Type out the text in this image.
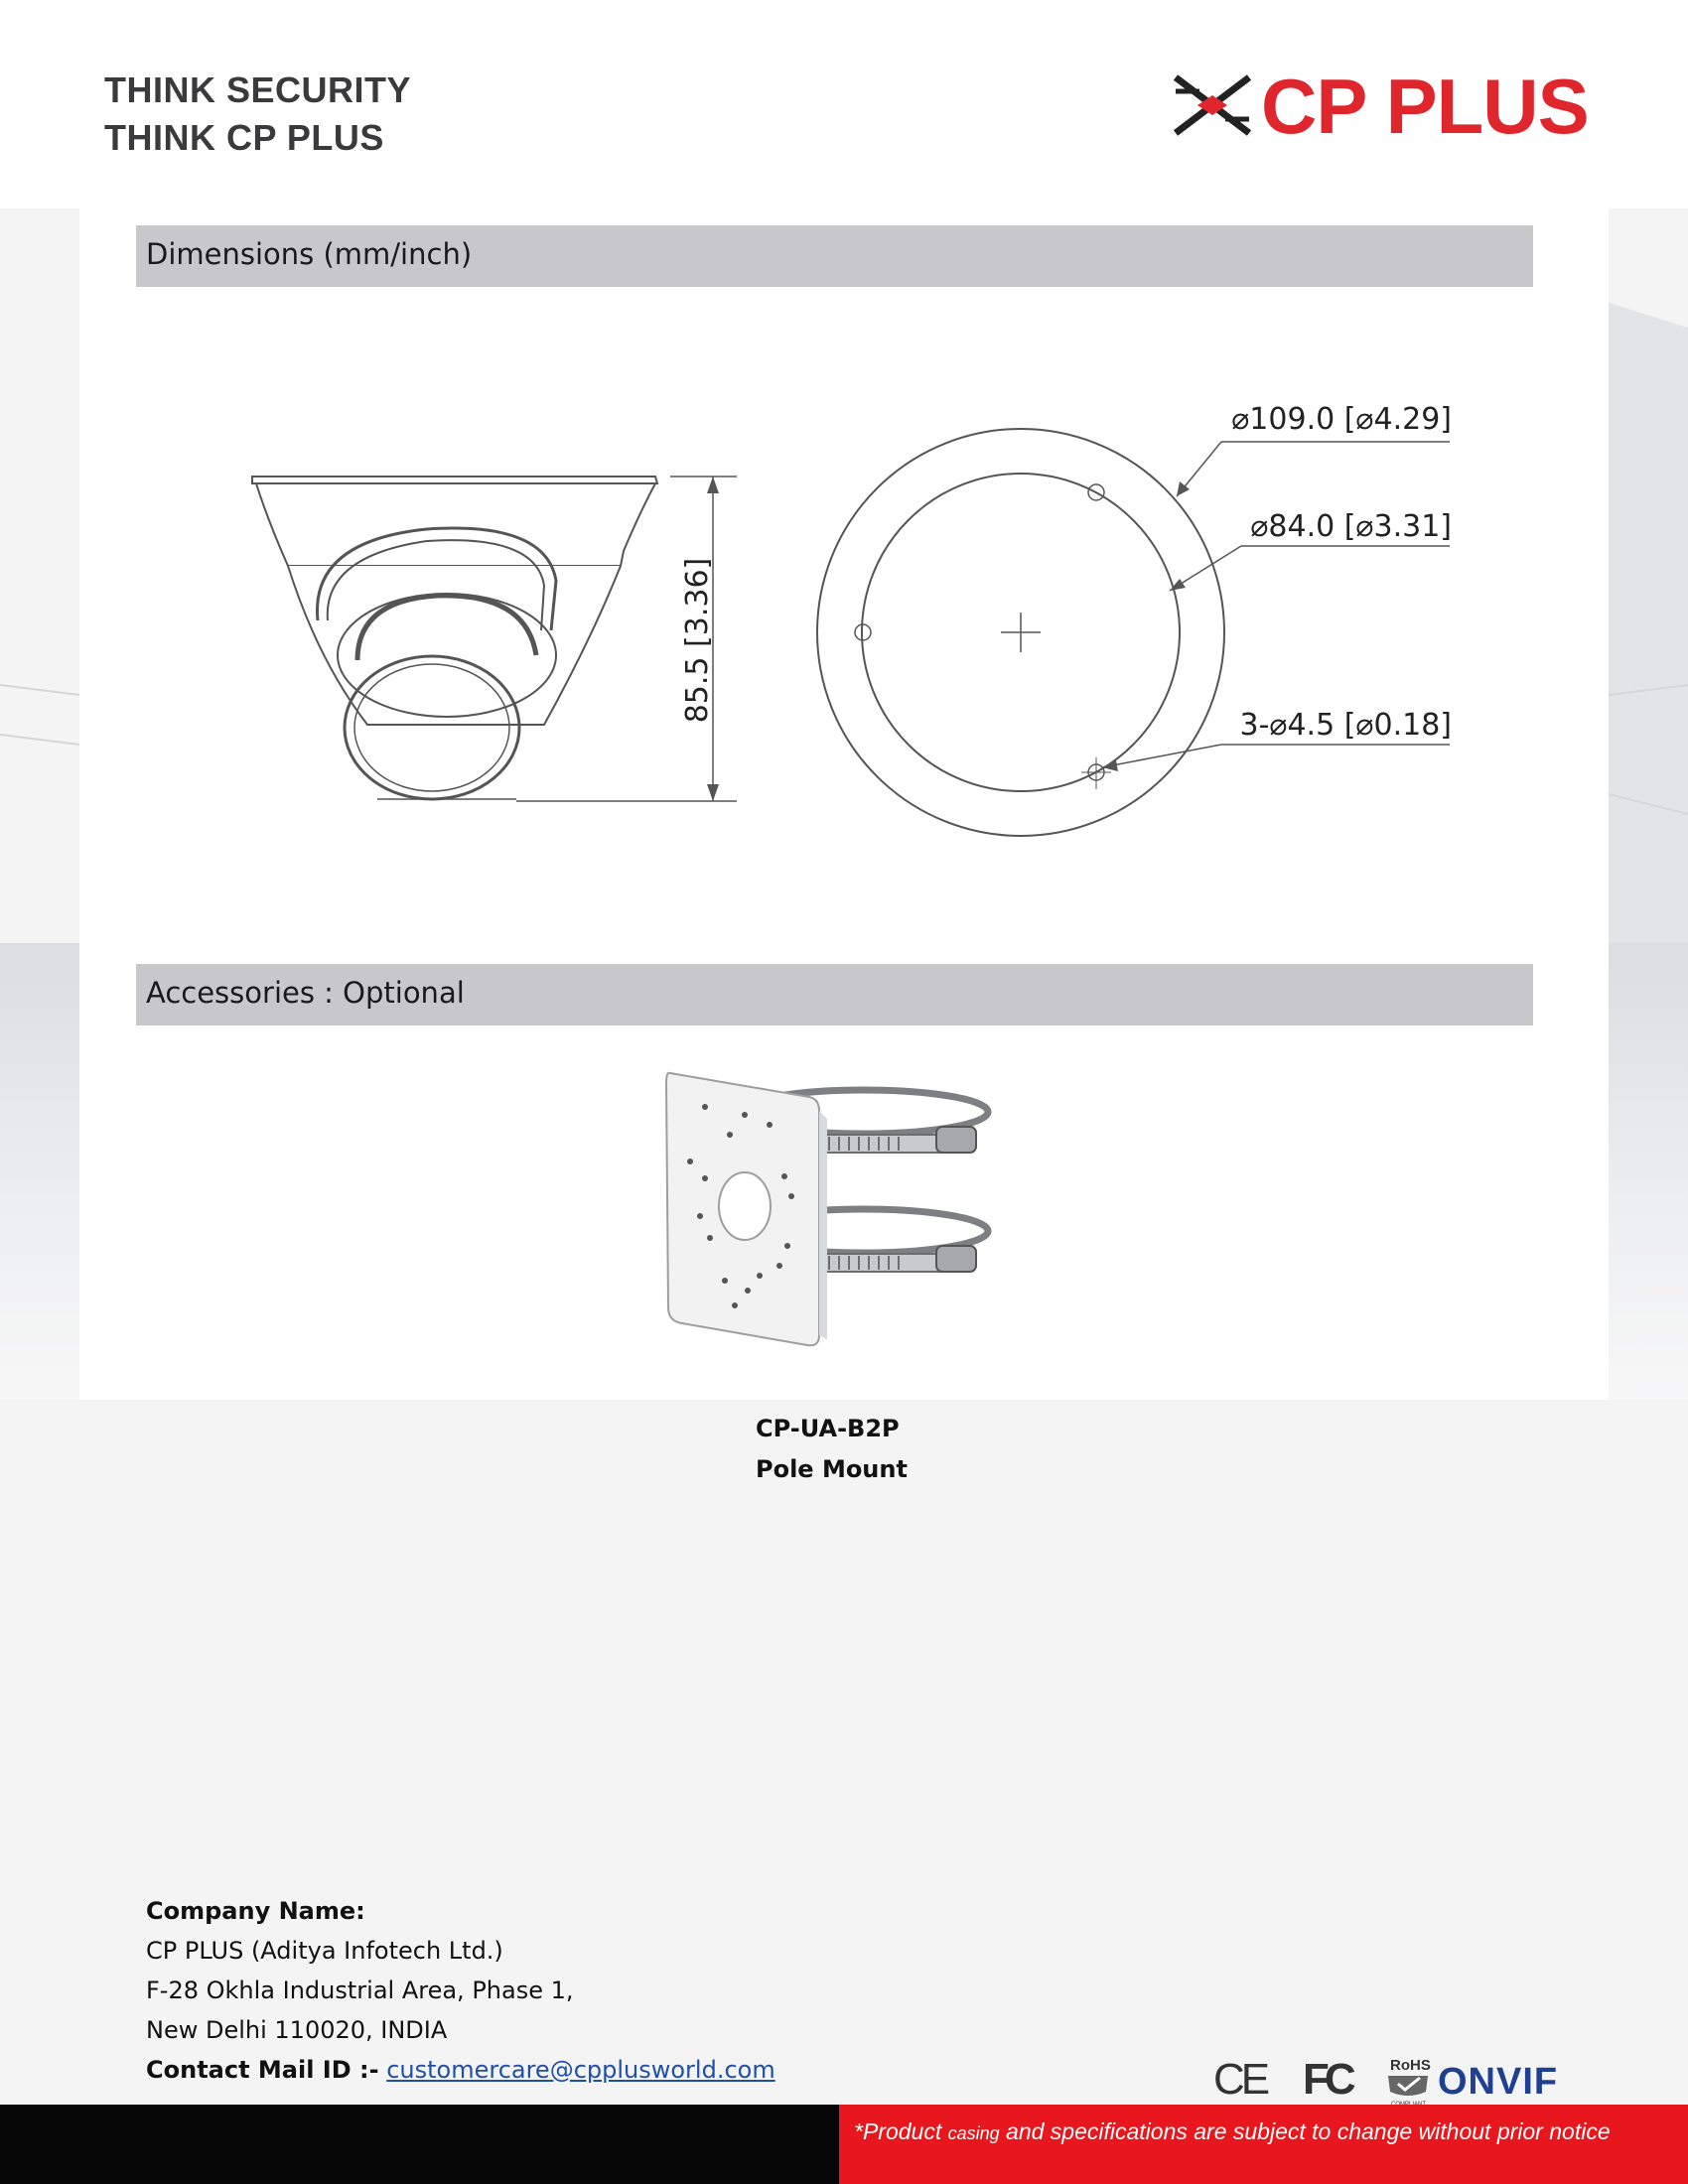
THINK SECURITY
THINK CP PLUS	CP PLUS
Dimensions (mm/inch)
85.5 [3.36]
⌀109.0 [⌀4.29]
⌀84.0 [⌀3.31]
3-⌀4.5 [⌀0.18]
Accessories : Optional
CP-UA-B2P
Pole Mount
Company Name:
CP PLUS (Aditya Infotech Ltd.)
F-28 Okhla Industrial Area, Phase 1,
New Delhi 110020, INDIA
Contact Mail ID :- customercare@cpplusworld.com	CE FC	RoHS ONVIF
*Product casing and specifications are subject to change without prior notice
